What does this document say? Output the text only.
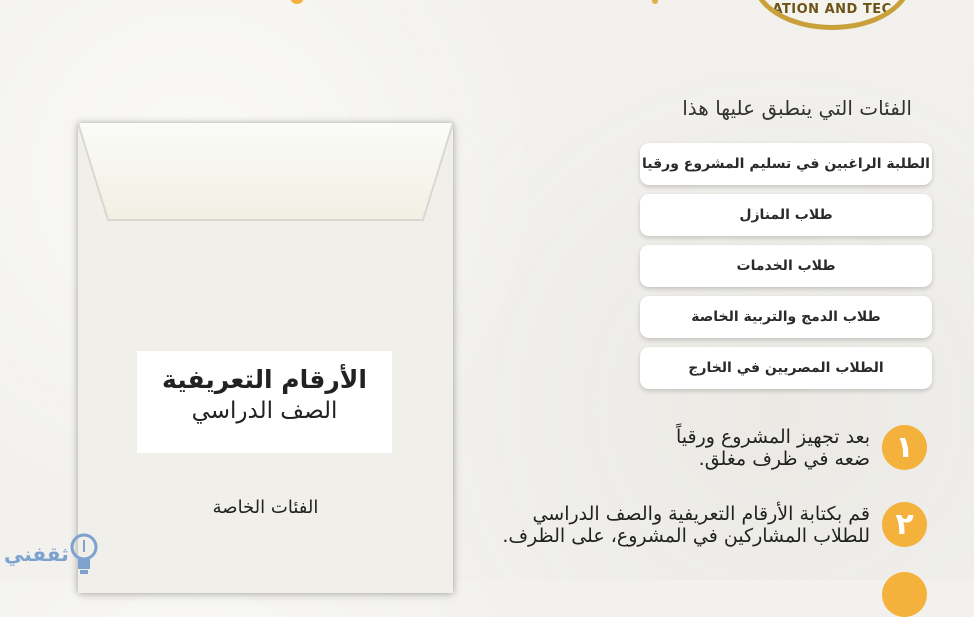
ATION AND TEC
الأرقام التعريفية
الصف الدراسي
الفئات الخاصة
الفئات التي ينطبق عليها هذا
الطلبة الراغبين في تسليم المشروع ورقيا
طلاب المنازل
طلاب الخدمات
طلاب الدمج والتربية الخاصة
الطلاب المصريين في الخارج
١
بعد تجهيز المشروع ورقياً
ضعه في ظرف مغلق.
٢
قم بكتابة الأرقام التعريفية والصف الدراسي
للطلاب المشاركين في المشروع، على الظرف.
ثقفني
